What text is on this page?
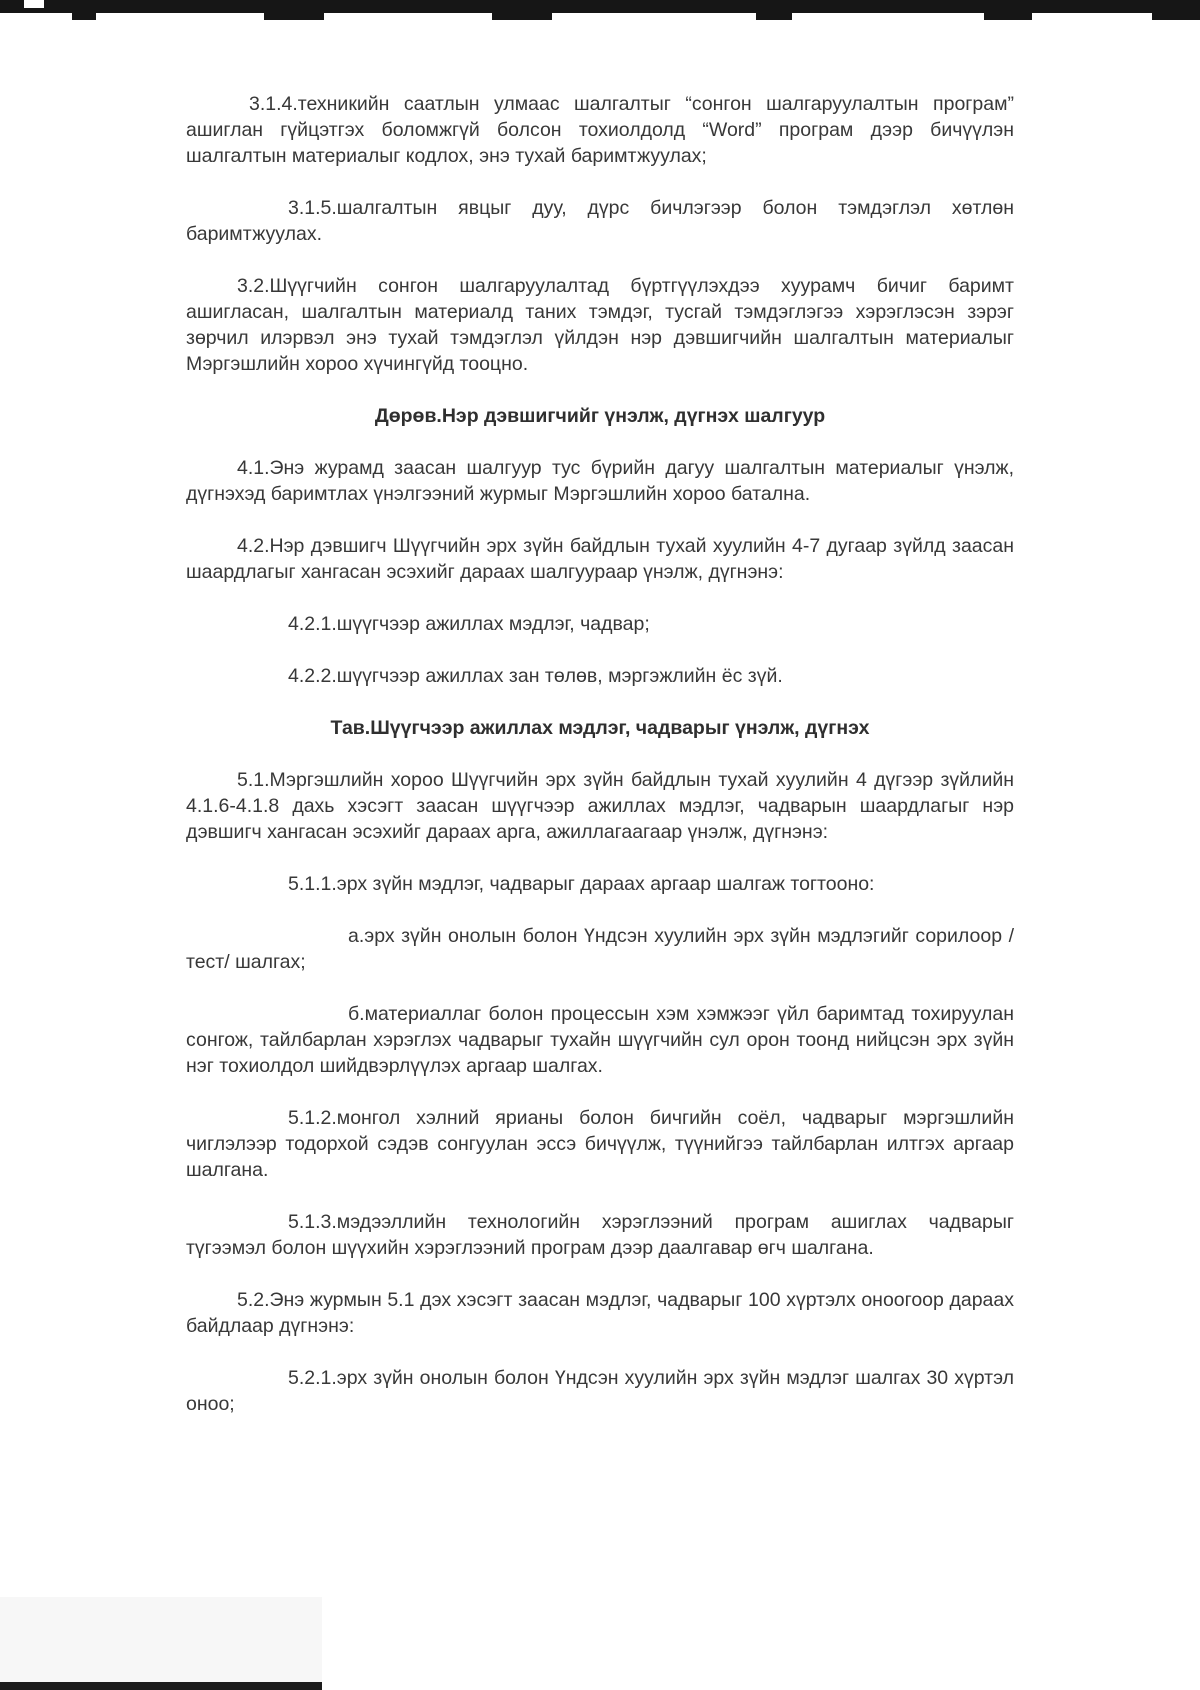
3.1.4.техникийн саатлын улмаас шалгалтыг “сонгон шалгаруулалтын програм” ашиглан гүйцэтгэх боломжгүй болсон тохиолдолд “Word” програм дээр бичүүлэн шалгалтын материалыг кодлох, энэ тухай баримтжуулах;

3.1.5.шалгалтын явцыг дуу, дүрс бичлэгээр болон тэмдэглэл хөтлөн баримтжуулах.

3.2.Шүүгчийн сонгон шалгаруулалтад бүртгүүлэхдээ хуурамч бичиг баримт ашигласан, шалгалтын материалд таних тэмдэг, тусгай тэмдэглэгээ хэрэглэсэн зэрэг зөрчил илэрвэл энэ тухай тэмдэглэл үйлдэн нэр дэвшигчийн шалгалтын материалыг Мэргэшлийн хороо хүчингүйд тооцно.

Дөрөв.Нэр дэвшигчийг үнэлж, дүгнэх шалгуур

4.1.Энэ журамд заасан шалгуур тус бүрийн дагуу шалгалтын материалыг үнэлж, дүгнэхэд баримтлах үнэлгээний журмыг Мэргэшлийн хороо батална.

4.2.Нэр дэвшигч Шүүгчийн эрх зүйн байдлын тухай хуулийн 4-7 дугаар зүйлд заасан шаардлагыг хангасан эсэхийг дараах шалгуураар үнэлж, дүгнэнэ:

4.2.1.шүүгчээр ажиллах мэдлэг, чадвар;

4.2.2.шүүгчээр ажиллах зан төлөв, мэргэжлийн ёс зүй.

Тав.Шүүгчээр ажиллах мэдлэг, чадварыг үнэлж, дүгнэх

5.1.Мэргэшлийн хороо Шүүгчийн эрх зүйн байдлын тухай хуулийн 4 дүгээр зүйлийн 4.1.6-4.1.8 дахь хэсэгт заасан шүүгчээр ажиллах мэдлэг, чадварын шаардлагыг нэр дэвшигч хангасан эсэхийг дараах арга, ажиллагаагаар үнэлж, дүгнэнэ:

5.1.1.эрх зүйн мэдлэг, чадварыг дараах аргаар шалгаж тогтооно:

а.эрх зүйн онолын болон Үндсэн хуулийн эрх зүйн мэдлэгийг сорилоор /тест/ шалгах;

б.материаллаг болон процессын хэм хэмжээг үйл баримтад тохируулан сонгож, тайлбарлан хэрэглэх чадварыг тухайн шүүгчийн сул орон тоонд нийцсэн эрх зүйн нэг тохиолдол шийдвэрлүүлэх аргаар шалгах.

5.1.2.монгол хэлний ярианы болон бичгийн соёл, чадварыг мэргэшлийн чиглэлээр тодорхой сэдэв сонгуулан эссэ бичүүлж, түүнийгээ тайлбарлан илтгэх аргаар шалгана.

5.1.3.мэдээллийн технологийн хэрэглээний програм ашиглах чадварыг түгээмэл болон шүүхийн хэрэглээний програм дээр даалгавар өгч шалгана.

5.2.Энэ журмын 5.1 дэх хэсэгт заасан мэдлэг, чадварыг 100 хүртэлх оноогоор дараах байдлаар дүгнэнэ:

5.2.1.эрх зүйн онолын болон Үндсэн хуулийн эрх зүйн мэдлэг шалгах 30 хүртэл оноо;
